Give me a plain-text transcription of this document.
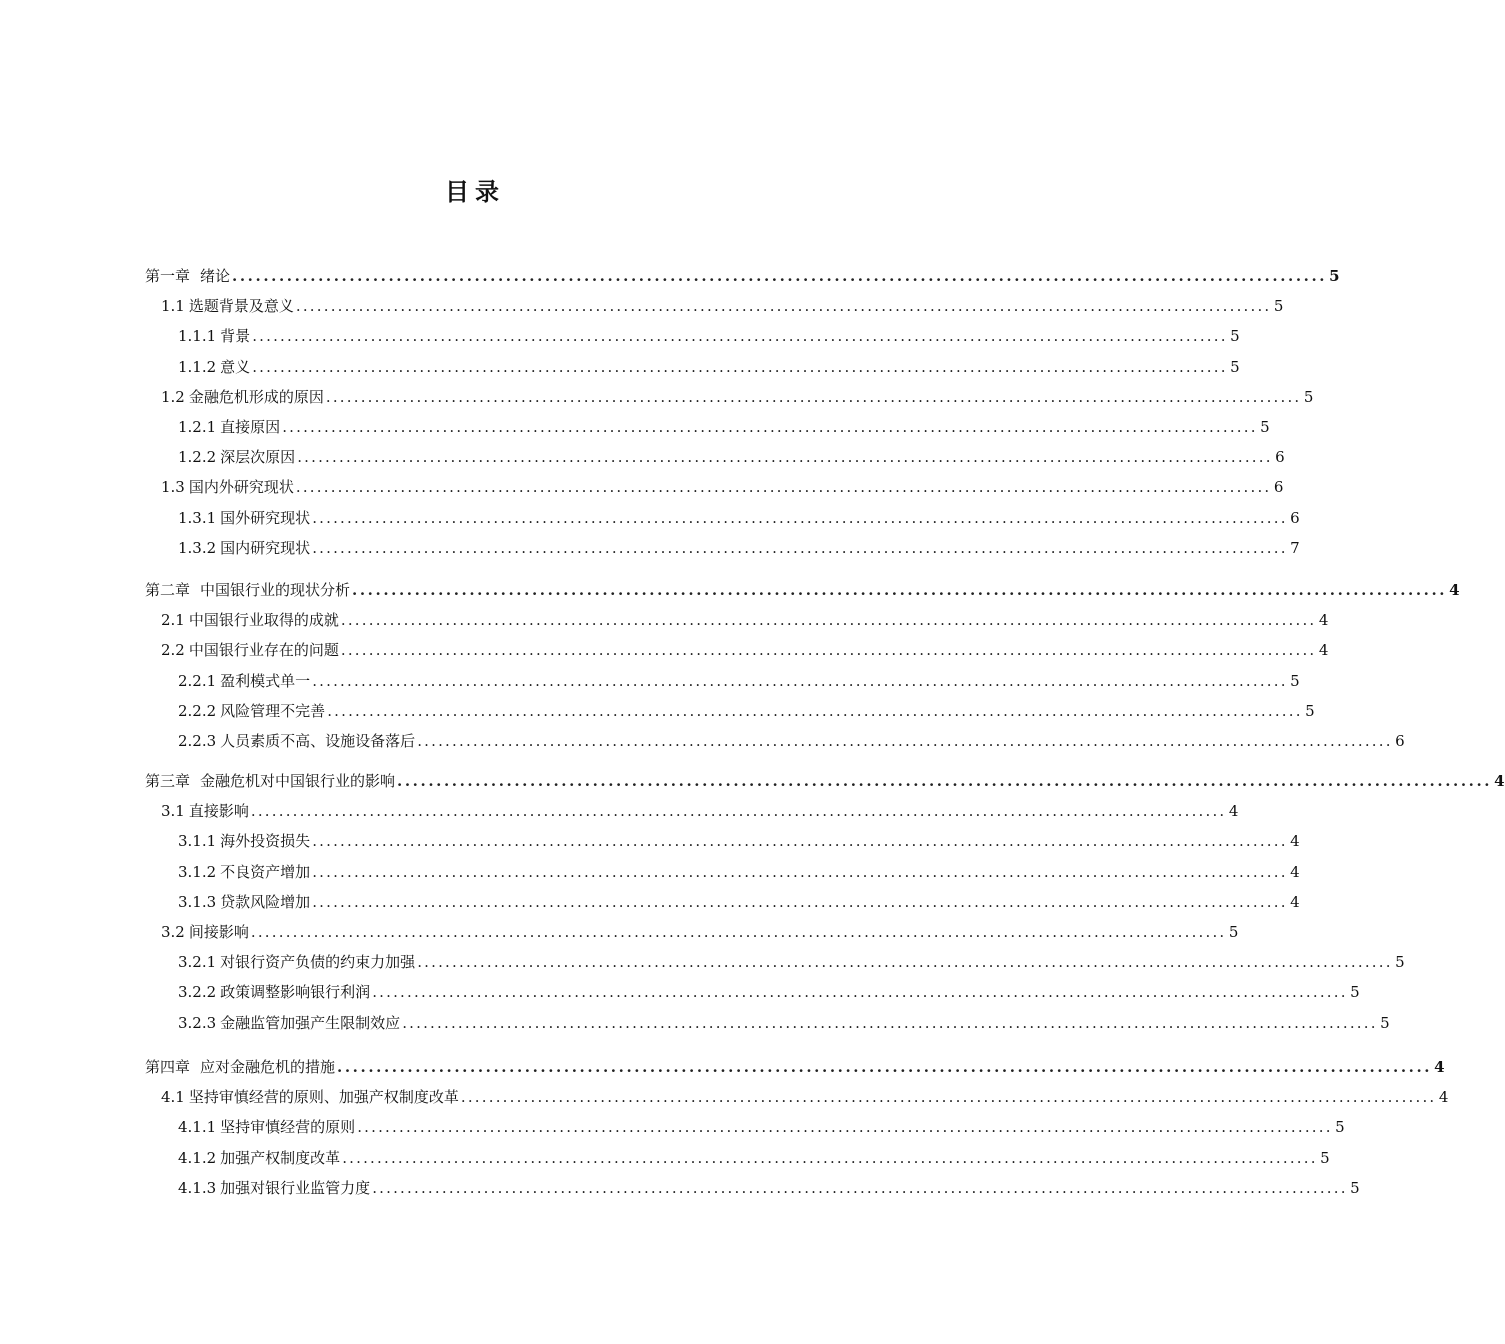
目录
第一章 绪论 ............................................................................................................................................ 5
1.1 选题背景及意义 ............................................................................................................................................ 5
1.1.1 背景 ............................................................................................................................................ 5
1.1.2 意义 ............................................................................................................................................ 5
1.2 金融危机形成的原因 ............................................................................................................................................ 5
1.2.1 直接原因 ............................................................................................................................................ 5
1.2.2 深层次原因 ............................................................................................................................................ 6
1.3 国内外研究现状 ............................................................................................................................................ 6
1.3.1 国外研究现状 ............................................................................................................................................ 6
1.3.2 国内研究现状 ............................................................................................................................................ 7
第二章 中国银行业的现状分析 ............................................................................................................................................ 4
2.1 中国银行业取得的成就 ............................................................................................................................................ 4
2.2 中国银行业存在的问题 ............................................................................................................................................ 4
2.2.1 盈利模式单一 ............................................................................................................................................ 5
2.2.2 风险管理不完善 ............................................................................................................................................ 5
2.2.3 人员素质不高、设施设备落后 ............................................................................................................................................ 6
第三章 金融危机对中国银行业的影响 ............................................................................................................................................ 4
3.1 直接影响 ............................................................................................................................................ 4
3.1.1 海外投资损失 ............................................................................................................................................ 4
3.1.2 不良资产增加 ............................................................................................................................................ 4
3.1.3 贷款风险增加 ............................................................................................................................................ 4
3.2 间接影响 ............................................................................................................................................ 5
3.2.1 对银行资产负债的约束力加强 ............................................................................................................................................ 5
3.2.2 政策调整影响银行利润 ............................................................................................................................................ 5
3.2.3 金融监管加强产生限制效应 ............................................................................................................................................ 5
第四章 应对金融危机的措施 ............................................................................................................................................ 4
4.1 坚持审慎经营的原则、加强产权制度改革 ............................................................................................................................................ 4
4.1.1 坚持审慎经营的原则 ............................................................................................................................................ 5
4.1.2 加强产权制度改革 ............................................................................................................................................ 5
4.1.3 加强对银行业监管力度 ............................................................................................................................................ 5
